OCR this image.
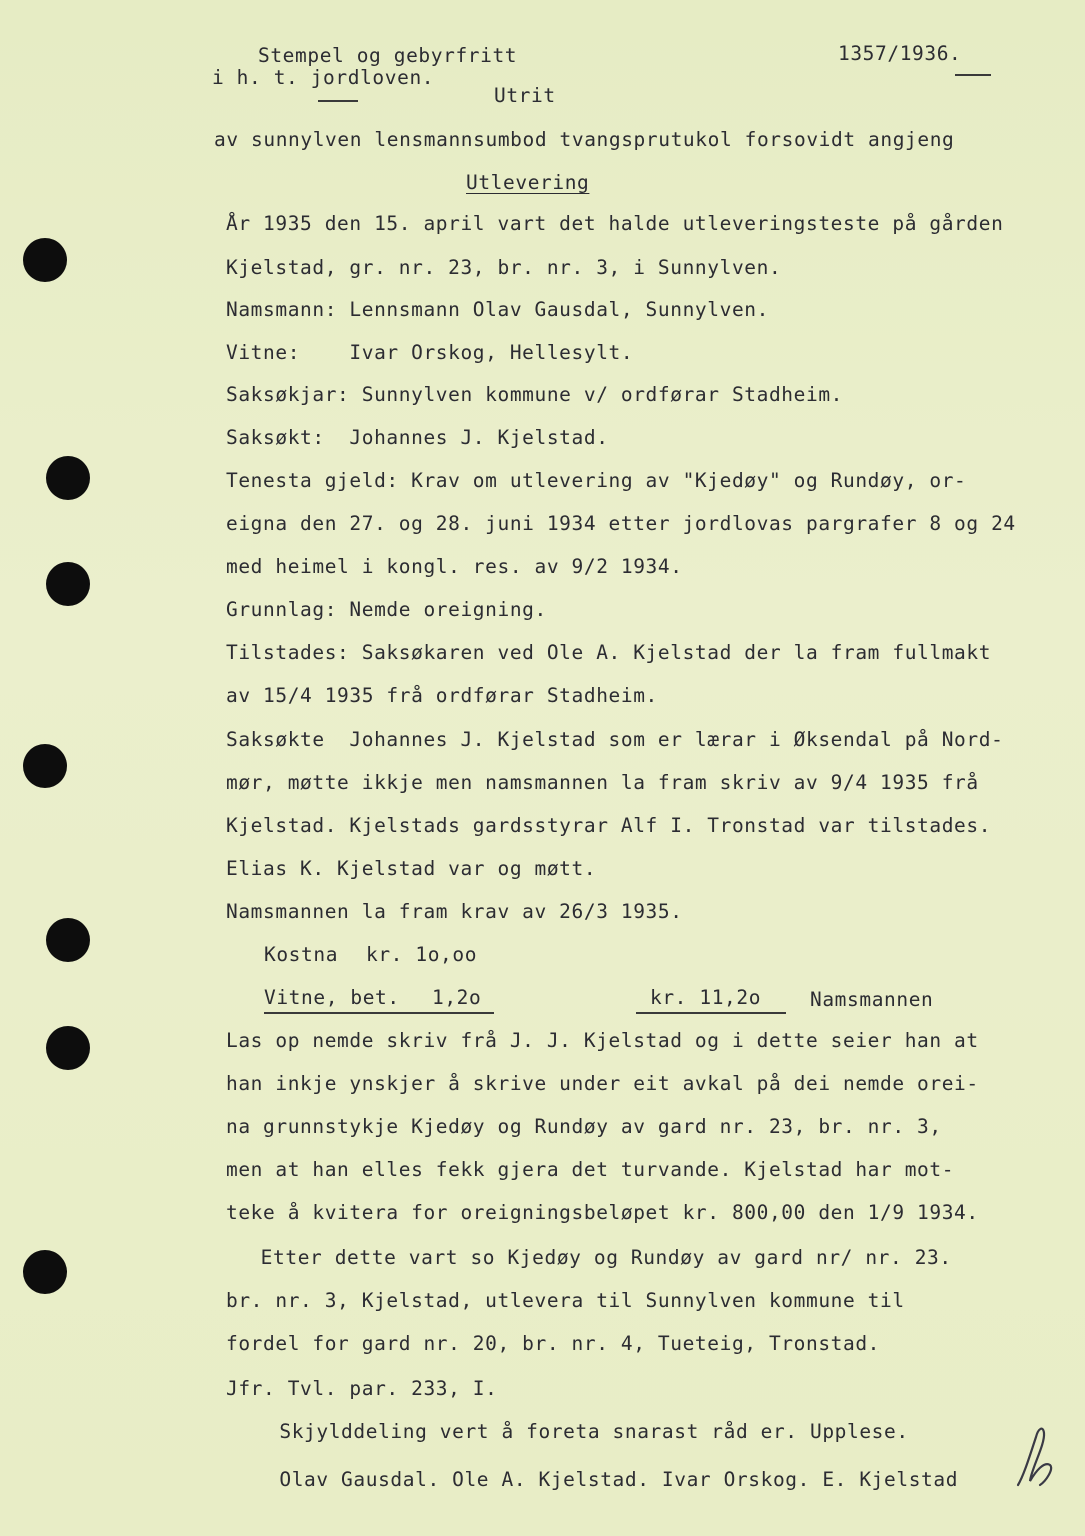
Stempel og gebyrfritt
i h. t. jordloven.
1357/1936.
Utrit
av sunnylven lensmannsumbod tvangsprutukol forsovidt angjeng
Utlevering
År 1935 den 15. april vart det halde utleveringsteste på gården
Kjelstad, gr. nr. 23, br. nr. 3, i Sunnylven.
Namsmann: Lennsmann Olav Gausdal, Sunnylven.
Vitne:    Ivar Orskog, Hellesylt.
Saksøkjar: Sunnylven kommune v/ ordførar Stadheim.
Saksøkt:  Johannes J. Kjelstad.
Tenesta gjeld: Krav om utlevering av "Kjedøy" og Rundøy, or-
eigna den 27. og 28. juni 1934 etter jordlovas pargrafer 8 og 24
med heimel i kongl. res. av 9/2 1934.
Grunnlag: Nemde oreigning.
Tilstades: Saksøkaren ved Ole A. Kjelstad der la fram fullmakt
av 15/4 1935 frå ordførar Stadheim.
Saksøkte  Johannes J. Kjelstad som er lærar i Øksendal på Nord-
mør, møtte ikkje men namsmannen la fram skriv av 9/4 1935 frå
Kjelstad. Kjelstads gardsstyrar Alf I. Tronstad var tilstades.
Elias K. Kjelstad var og møtt.
Namsmannen la fram krav av 26/3 1935.
Kostna kr. 1o,oo
Vitne, bet. 1,2o	kr. 11,2o	Namsmannen
Las op nemde skriv frå J. J. Kjelstad og i dette seier han at
han inkje ynskjer å skrive under eit avkal på dei nemde orei-
na grunnstykje Kjedøy og Rundøy av gard nr. 23, br. nr. 3,
men at han elles fekk gjera det turvande. Kjelstad har mot-
teke å kvitera for oreigningsbeløpet kr. 800,00 den 1/9 1934.
Etter dette vart so Kjedøy og Rundøy av gard nr/ nr. 23.
br. nr. 3, Kjelstad, utlevera til Sunnylven kommune til
fordel for gard nr. 20, br. nr. 4, Tueteig, Tronstad.
Jfr. Tvl. par. 233, I.
Skjylddeling vert å foreta snarast råd er. Upplese.
Olav Gausdal. Ole A. Kjelstad. Ivar Orskog. E. Kjelstad
